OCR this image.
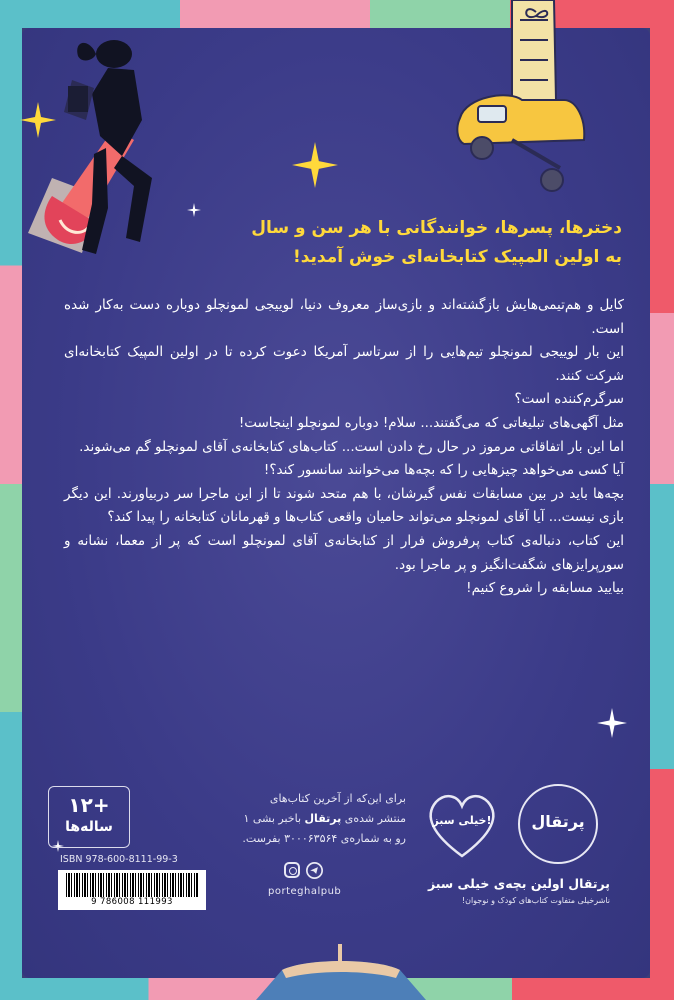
دخترها، پسرها، خوانندگانی با هر سن و سال
به اولین المپیک کتابخانه‌ای خوش آمدید!

کایل و هم‌تیمی‌هایش بازگشته‌اند و بازی‌ساز معروف دنیا، لوییجی لمونچلو دوباره دست به‌کار شده است.

این بار لوییجی لمونچلو تیم‌هایی را از سرتاسر آمریکا دعوت کرده تا در اولین المپیک کتابخانه‌ای شرکت کنند.

سرگرم‌کننده است؟

مثل آگهی‌های تبلیغاتی که می‌گفتند... سلام! دوباره لمونچلو اینجاست!

اما این بار اتفاقاتی مرموز در حال رخ دادن است... کتاب‌های کتابخانه‌ی آقای لمونچلو گم می‌شوند.

آیا کسی می‌خواهد چیزهایی را که بچه‌ها می‌خوانند سانسور کند؟!

بچه‌ها باید در بین مسابقات نفس گیرشان، با هم متحد شوند تا از این ماجرا سر دربیاورند. این دیگر بازی نیست... آیا آقای لمونچلو می‌تواند حامیان واقعی کتاب‌ها و قهرمانان کتابخانه را پیدا کند؟

این کتاب، دنباله‌ی کتاب پرفروش فرار از کتابخانه‌ی آقای لمونچلو است که پر از معما، نشانه و سورپرایزهای شگفت‌انگیز و پر ماجرا بود.

بیایید مسابقه را شروع کنیم!

پرتقال
خیلی سبز!
پرتقال اولین بچه‌ی خیلی سبز
ناشرخیلی متفاوت کتاب‌های کودک و نوجوان!
برای این‌که از آخرین کتاب‌های
منتشر شده‌ی پرتقال باخبر بشی ۱
رو به شماره‌ی ۳۰۰۰۶۳۵۶۴ بفرست.
porteghalpub
+۱۲
ساله‌ها
ISBN 978-600-8111-99-3
9 786008 111993
